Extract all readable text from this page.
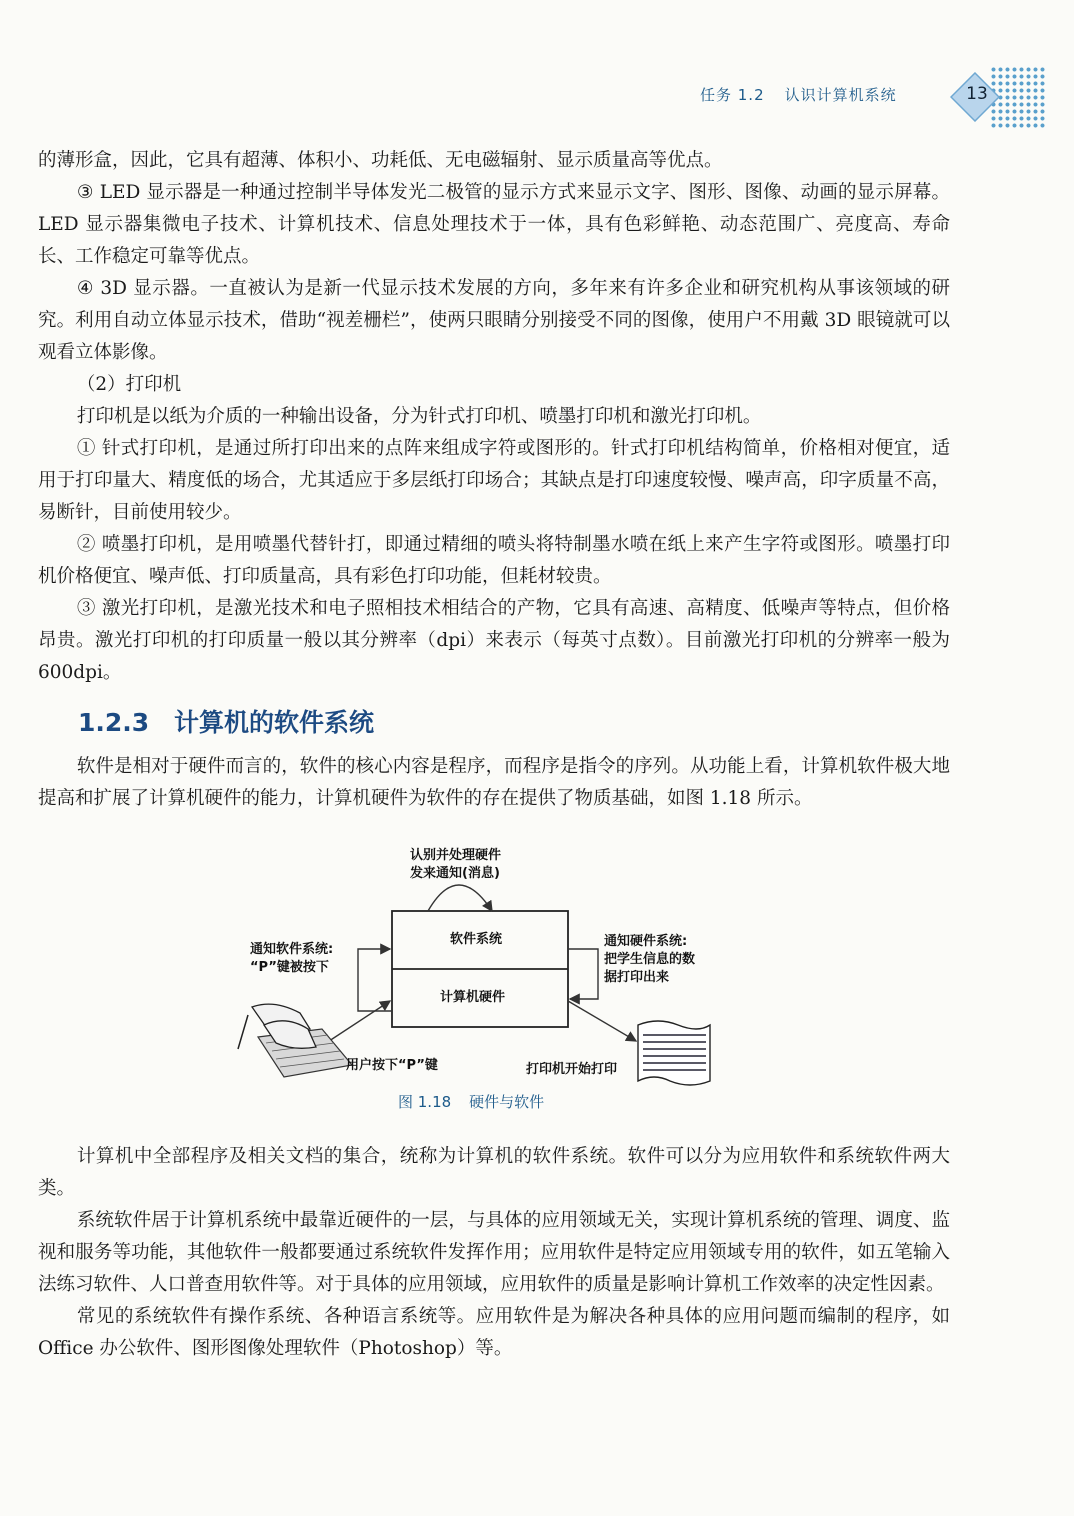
任务 1.2 认识计算机系统	13

的薄形盒，因此，它具有超薄、体积小、功耗低、无电磁辐射、显示质量高等优点。

③ LED 显示器是一种通过控制半导体发光二极管的显示方式来显示文字、图形、图像、动画的显示屏幕。LED 显示器集微电子技术、计算机技术、信息处理技术于一体，具有色彩鲜艳、动态范围广、亮度高、寿命长、工作稳定可靠等优点。

④ 3D 显示器。一直被认为是新一代显示技术发展的方向，多年来有许多企业和研究机构从事该领域的研究。利用自动立体显示技术，借助“视差栅栏”，使两只眼睛分别接受不同的图像，使用户不用戴 3D 眼镜就可以观看立体影像。

（2）打印机

打印机是以纸为介质的一种输出设备，分为针式打印机、喷墨打印机和激光打印机。

① 针式打印机，是通过所打印出来的点阵来组成字符或图形的。针式打印机结构简单，价格相对便宜，适用于打印量大、精度低的场合，尤其适应于多层纸打印场合；其缺点是打印速度较慢、噪声高，印字质量不高，易断针，目前使用较少。

② 喷墨打印机，是用喷墨代替针打，即通过精细的喷头将特制墨水喷在纸上来产生字符或图形。喷墨打印机价格便宜、噪声低、打印质量高，具有彩色打印功能，但耗材较贵。

③ 激光打印机，是激光技术和电子照相技术相结合的产物，它具有高速、高精度、低噪声等特点，但价格昂贵。激光打印机的打印质量一般以其分辨率（dpi）来表示（每英寸点数）。目前激光打印机的分辨率一般为 600dpi。

1.2.3 计算机的软件系统

软件是相对于硬件而言的，软件的核心内容是程序，而程序是指令的序列。从功能上看，计算机软件极大地提高和扩展了计算机硬件的能力，计算机硬件为软件的存在提供了物质基础，如图 1.18 所示。

认别并处理硬件
发来通知(消息)
软件系统
计算机硬件
通知软件系统:
“P”键被按下
通知硬件系统:
把学生信息的数
据打印出来
用户按下“P”键	打印机开始打印
图 1.18 硬件与软件

计算机中全部程序及相关文档的集合，统称为计算机的软件系统。软件可以分为应用软件和系统软件两大类。

系统软件居于计算机系统中最靠近硬件的一层，与具体的应用领域无关，实现计算机系统的管理、调度、监视和服务等功能，其他软件一般都要通过系统软件发挥作用；应用软件是特定应用领域专用的软件，如五笔输入法练习软件、人口普查用软件等。对于具体的应用领域，应用软件的质量是影响计算机工作效率的决定性因素。

常见的系统软件有操作系统、各种语言系统等。应用软件是为解决各种具体的应用问题而编制的程序，如 Office 办公软件、图形图像处理软件（Photoshop）等。
